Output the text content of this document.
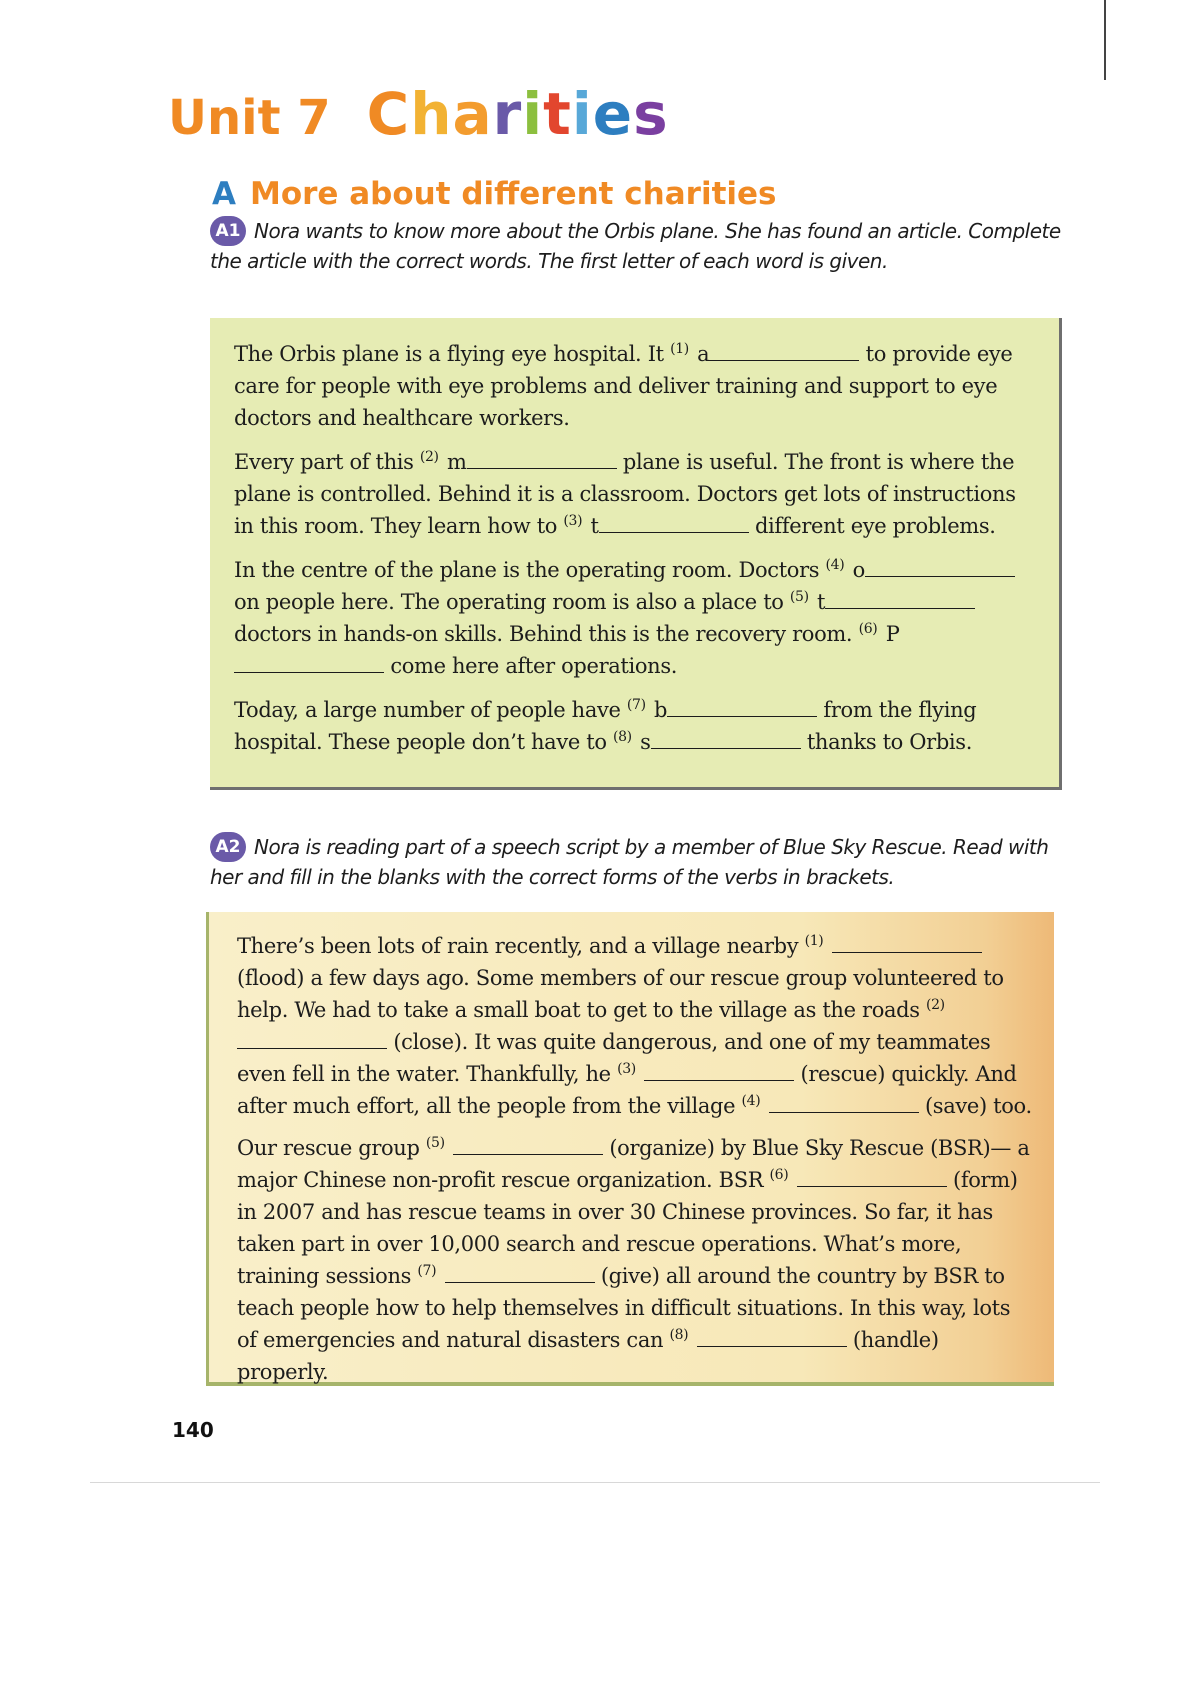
Unit 7 Charities
A More about different charities
A1 Nora wants to know more about the Orbis plane. She has found an article. Complete the article with the correct words. The first letter of each word is given.

The Orbis plane is a flying eye hospital. It $^{(1)}$ a	to provide eye care for people with eye problems and deliver training and support to eye doctors and healthcare workers.

Every part of this $^{(2)}$ m	plane is useful. The front is where the plane is controlled. Behind it is a classroom. Doctors get lots of instructions in this room. They learn how to $^{(3)}$ t	different eye problems.

In the centre of the plane is the operating room. Doctors $^{(4)}$ o on people here. The operating room is also a place to $^{(5)}$ t doctors in hands-on skills. Behind this is the recovery room. $^{(6)}$ P come here after operations.

Today, a large number of people have $^{(7)}$ b	from the flying hospital. These people don’t have to $^{(8)}$ s	thanks to Orbis.

A2 Nora is reading part of a speech script by a member of Blue Sky Rescue. Read with her and fill in the blanks with the correct forms of the verbs in brackets.

There’s been lots of rain recently, and a village nearby $^{(1)}$  (flood) a few days ago. Some members of our rescue group volunteered to help. We had to take a small boat to get to the village as the roads $^{(2)}$  (close). It was quite dangerous, and one of my teammates even fell in the water. Thankfully, he $^{(3)}$	(rescue) quickly. And after much effort, all the people from the village $^{(4)}$	(save) too.

Our rescue group $^{(5)}$	(organize) by Blue Sky Rescue (BSR)— a major Chinese non-profit rescue organization. BSR $^{(6)}$	(form) in 2007 and has rescue teams in over 30 Chinese provinces. So far, it has taken part in over 10,000 search and rescue operations. What’s more, training sessions $^{(7)}$	(give) all around the country by BSR to teach people how to help themselves in difficult situations. In this way, lots of emergencies and natural disasters can $^{(8)}$	(handle) properly.

140
